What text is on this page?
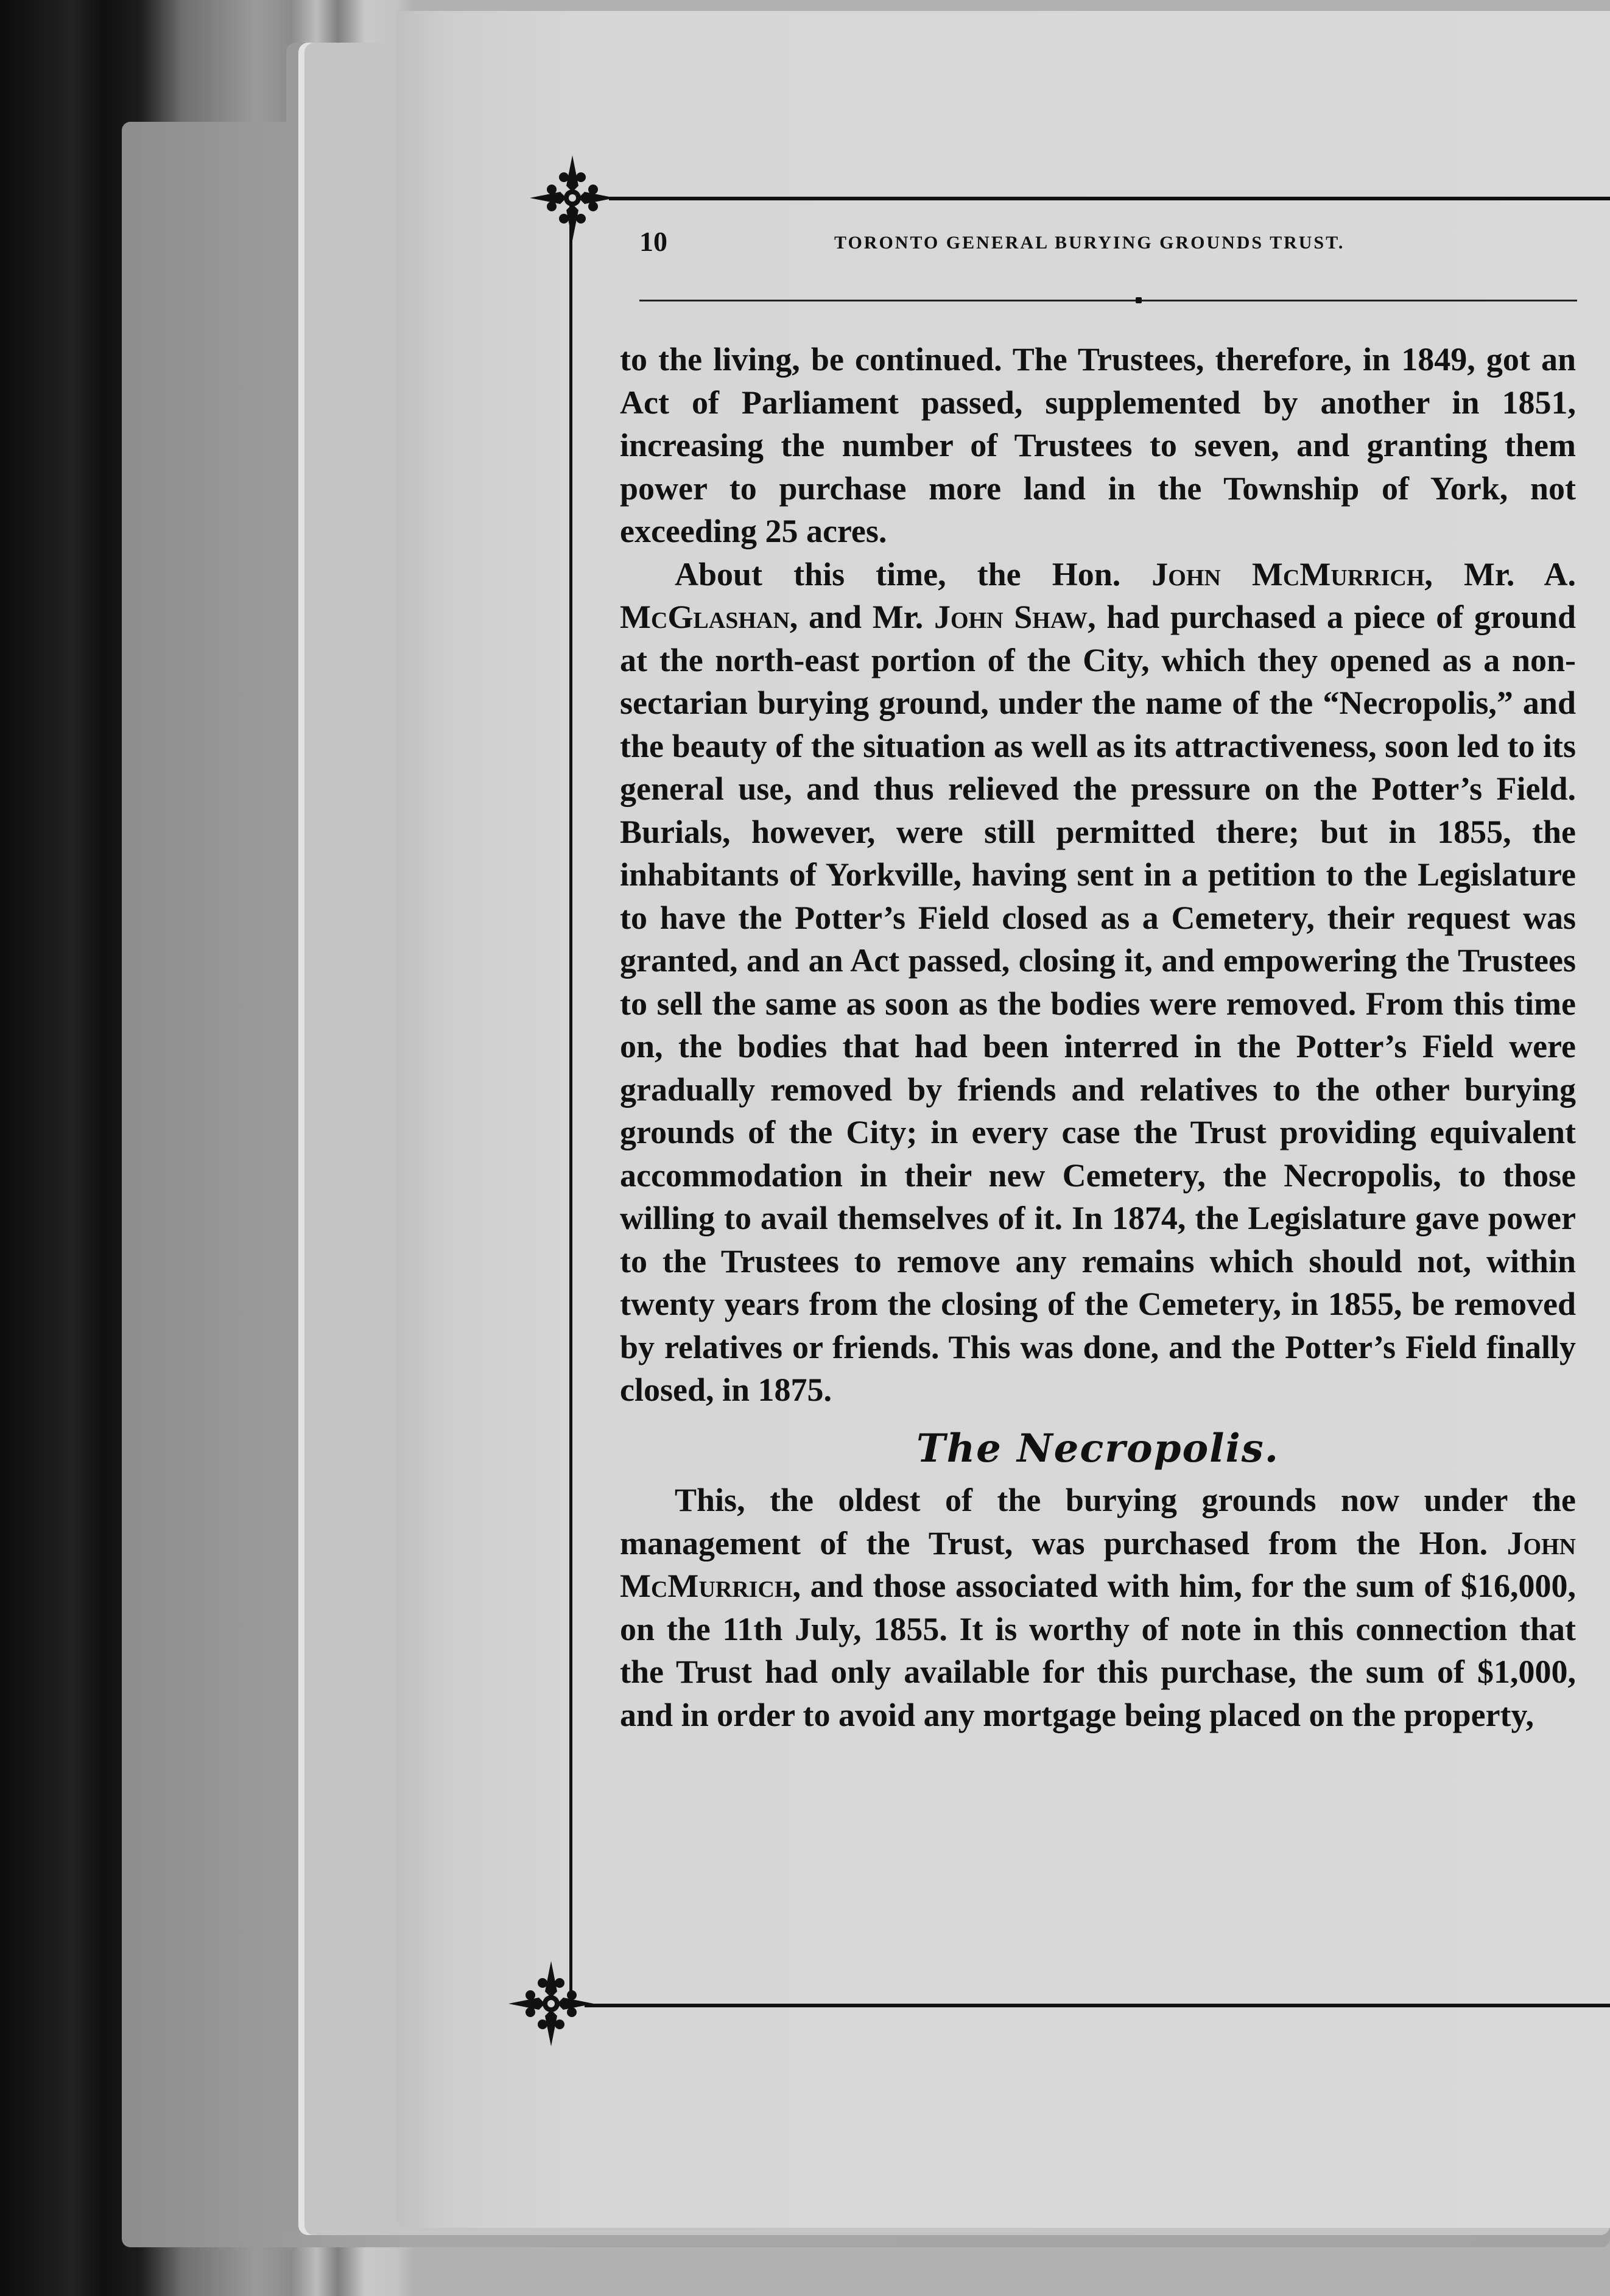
10	TORONTO GENERAL BURYING GROUNDS TRUST.

to the living, be continued. The Trustees, therefore, in 1849, got an Act of Parliament passed, supplemented by another in 1851, increasing the number of Trustees to seven, and granting them power to purchase more land in the Township of York, not exceeding 25 acres.

About this time, the Hon. John McMurrich, Mr. A. McGlashan, and Mr. John Shaw, had purchased a piece of ground at the north-east portion of the City, which they opened as a non-sectarian burying ground, under the name of the “Necropolis,” and the beauty of the situation as well as its attractiveness, soon led to its general use, and thus relieved the pressure on the Potter’s Field. Burials, however, were still permitted there; but in 1855, the inhabitants of Yorkville, having sent in a petition to the Legislature to have the Potter’s Field closed as a Cemetery, their request was granted, and an Act passed, closing it, and empowering the Trustees to sell the same as soon as the bodies were removed. From this time on, the bodies that had been interred in the Potter’s Field were gradually removed by friends and relatives to the other burying grounds of the City; in every case the Trust providing equivalent accommodation in their new Cemetery, the Necropolis, to those willing to avail themselves of it. In 1874, the Legislature gave power to the Trustees to remove any remains which should not, within twenty years from the closing of the Cemetery, in 1855, be removed by relatives or friends. This was done, and the Potter’s Field finally closed, in 1875.

The Necropolis.

This, the oldest of the burying grounds now under the management of the Trust, was purchased from the Hon. John McMurrich, and those associated with him, for the sum of $16,000, on the 11th July, 1855. It is worthy of note in this connection that the Trust had only available for this purchase, the sum of $1,000, and in order to avoid any mortgage being placed on the property,
